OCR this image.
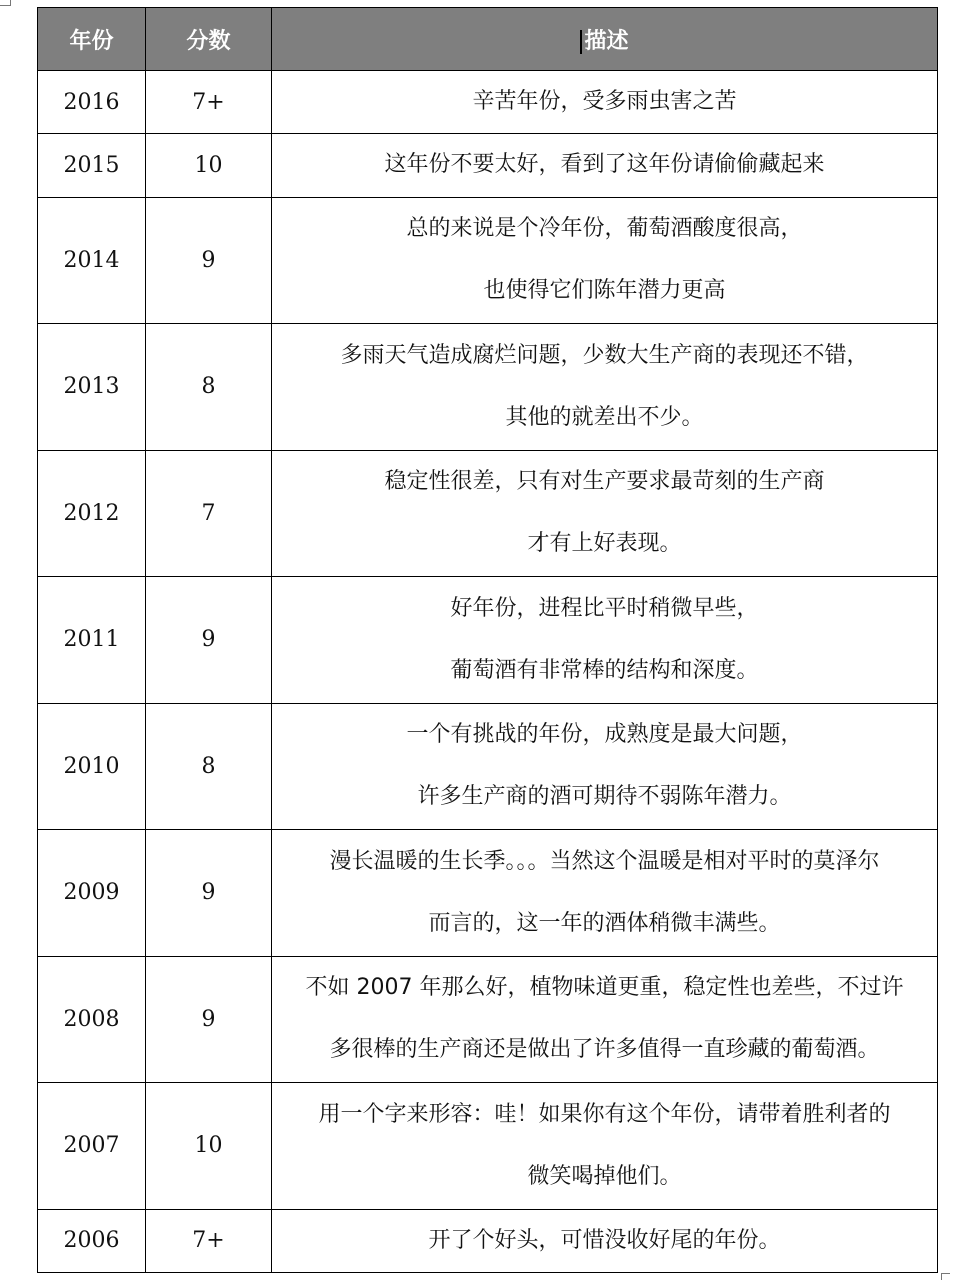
年份	分数	描述
2016	7+	辛苦年份，受多雨虫害之苦

2015	10	这年份不要太好，看到了这年份请偷偷藏起来

2014	9	总的来说是个冷年份，葡萄酒酸度很高，
也使得它们陈年潜力更高

2013	8	多雨天气造成腐烂问题，少数大生产商的表现还不错，
其他的就差出不少。

2012	7	稳定性很差，只有对生产要求最苛刻的生产商
才有上好表现。

2011	9	好年份，进程比平时稍微早些，
葡萄酒有非常棒的结构和深度。

2010	8	一个有挑战的年份，成熟度是最大问题，
许多生产商的酒可期待不弱陈年潜力。

2009	9	漫长温暖的生长季。。。当然这个温暖是相对平时的莫泽尔
而言的，这一年的酒体稍微丰满些。

2008	9	不如 2007 年那么好，植物味道更重，稳定性也差些，不过许
多很棒的生产商还是做出了许多值得一直珍藏的葡萄酒。

2007	10	用一个字来形容：哇！如果你有这个年份，请带着胜利者的
微笑喝掉他们。

2006	7+	开了个好头，可惜没收好尾的年份。
